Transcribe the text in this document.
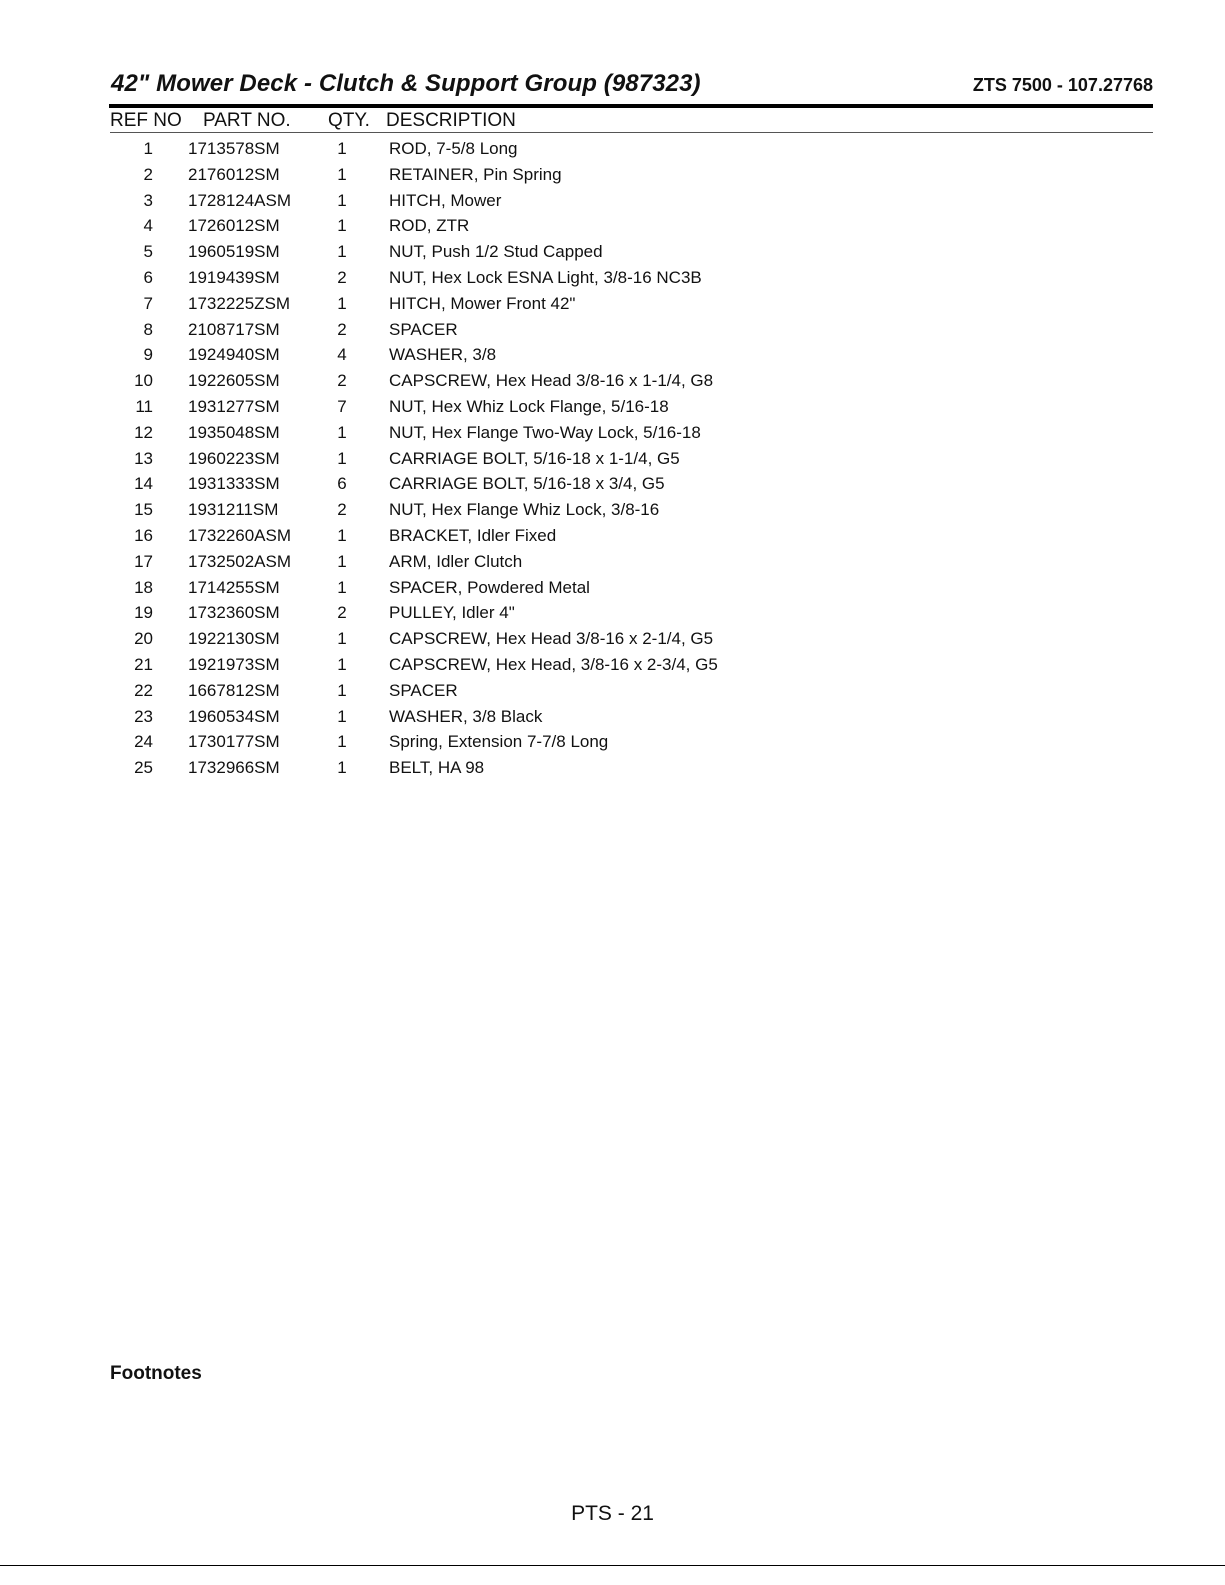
42" Mower Deck - Clutch & Support Group (987323)	ZTS 7500 - 107.27768
REF NO PART NO. QTY. DESCRIPTION
1 1713578SM	1	ROD, 7-5/8 Long
2 2176012SM	1	RETAINER, Pin Spring
3 1728124ASM	1	HITCH, Mower
4 1726012SM	1	ROD, ZTR
5 1960519SM	1	NUT, Push 1/2 Stud Capped
6 1919439SM	2	NUT, Hex Lock ESNA Light, 3/8-16 NC3B
7 1732225ZSM	1	HITCH, Mower Front 42"
8 2108717SM	2	SPACER
9 1924940SM	4	WASHER, 3/8
10 1922605SM	2	CAPSCREW, Hex Head 3/8-16 x 1-1/4, G8
11 1931277SM	7	NUT, Hex Whiz Lock Flange, 5/16-18
12 1935048SM	1	NUT, Hex Flange Two-Way Lock, 5/16-18
13 1960223SM	1	CARRIAGE BOLT, 5/16-18 x 1-1/4, G5
14 1931333SM	6	CARRIAGE BOLT, 5/16-18 x 3/4, G5
15 1931211SM	2	NUT, Hex Flange Whiz Lock, 3/8-16
16 1732260ASM	1	BRACKET, Idler Fixed
17 1732502ASM	1	ARM, Idler Clutch
18 1714255SM	1	SPACER, Powdered Metal
19 1732360SM	2	PULLEY, Idler 4"
20 1922130SM	1	CAPSCREW, Hex Head 3/8-16 x 2-1/4, G5
21 1921973SM	1	CAPSCREW, Hex Head, 3/8-16 x 2-3/4, G5
22 1667812SM	1	SPACER
23 1960534SM	1	WASHER, 3/8 Black
24 1730177SM	1	Spring, Extension 7-7/8 Long
25 1732966SM	1	BELT, HA 98
Footnotes
PTS - 21
